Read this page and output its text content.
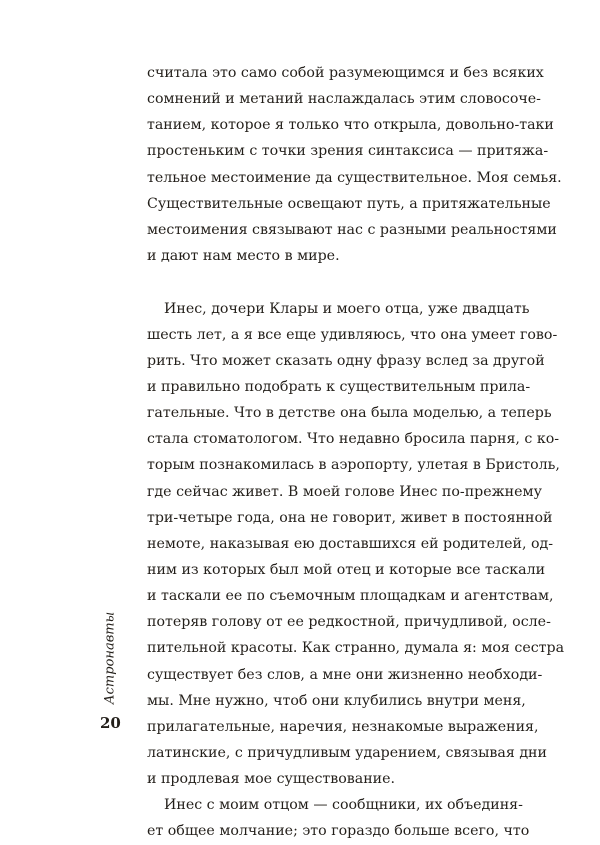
считала это само собой разумеющимся и без всяких
сомнений и метаний наслаждалась этим словосоче-
танием, которое я только что открыла, довольно-таки
простеньким с точки зрения синтаксиса — притяжа-
тельное местоимение да существительное. Моя семья.
Существительные освещают путь, а притяжательные
местоимения связывают нас с разными реальностями
и дают нам место в мире.
Инес, дочери Клары и моего отца, уже двадцать
шесть лет, а я все еще удивляюсь, что она умеет гово-
рить. Что может сказать одну фразу вслед за другой
и правильно подобрать к существительным прила-
гательные. Что в детстве она была моделью, а теперь
стала стоматологом. Что недавно бросила парня, с ко-
торым познакомилась в аэропорту, улетая в Бристоль,
где сейчас живет. В моей голове Инес по-прежнему
три-четыре года, она не говорит, живет в постоянной
немоте, наказывая ею доставшихся ей родителей, од-
ним из которых был мой отец и которые все таскали
и таскали ее по съемочным площадкам и агентствам,
потеряв голову от ее редкостной, причудливой, осле-
пительной красоты. Как странно, думала я: моя сестра
существует без слов, а мне они жизненно необходи-
мы. Мне нужно, чтоб они клубились внутри меня,
прилагательные, наречия, незнакомые выражения,
латинские, с причудливым ударением, связывая дни
и продлевая мое существование.
Инес с моим отцом — сообщники, их объединя-
ет общее молчание; это гораздо больше всего, что
Астронавты
20
